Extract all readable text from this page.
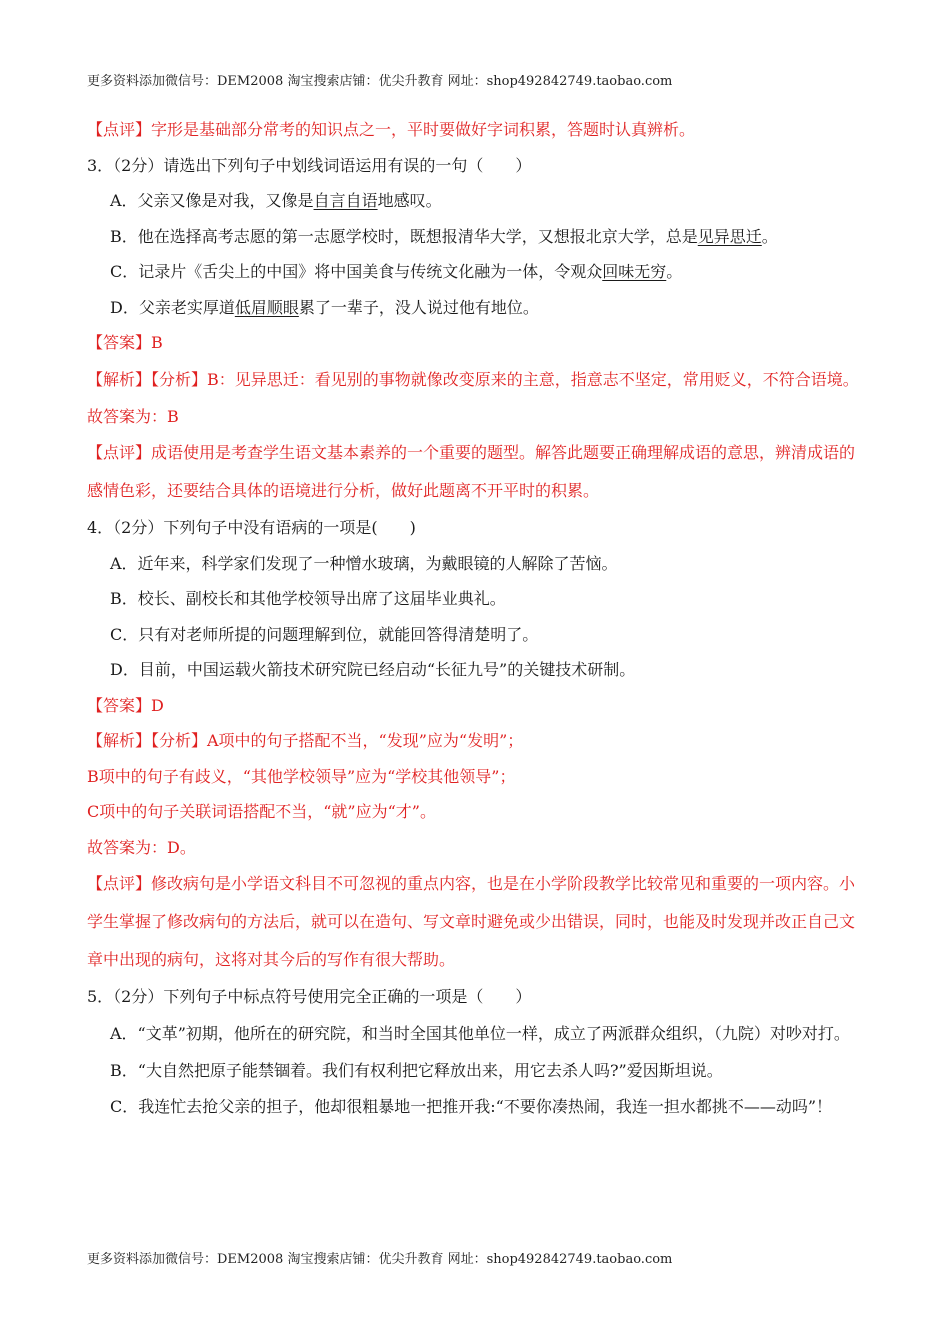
更多资料添加微信号：DEM2008 淘宝搜索店铺：优尖升教育 网址：shop492842749.taobao.com
【点评】字形是基础部分常考的知识点之一，平时要做好字词积累，答题时认真辨析。
3．（2分）请选出下列句子中划线词语运用有误的一句（　　）
A．父亲又像是对我，又像是自言自语地感叹。
B．他在选择高考志愿的第一志愿学校时，既想报清华大学，又想报北京大学，总是见异思迁。
C．记录片《舌尖上的中国》将中国美食与传统文化融为一体，令观众回味无穷。
D．父亲老实厚道低眉顺眼累了一辈子，没人说过他有地位。
【答案】B
【解析】【分析】B：见异思迁：看见别的事物就像改变原来的主意，指意志不坚定，常用贬义，不符合语境。
故答案为：B
【点评】成语使用是考查学生语文基本素养的一个重要的题型。解答此题要正确理解成语的意思，辨清成语的感情色彩，还要结合具体的语境进行分析，做好此题离不开平时的积累。
4．（2分）下列句子中没有语病的一项是(　　)
A．近年来，科学家们发现了一种憎水玻璃，为戴眼镜的人解除了苦恼。
B．校长、副校长和其他学校领导出席了这届毕业典礼。
C．只有对老师所提的问题理解到位，就能回答得清楚明了。
D．目前，中国运载火箭技术研究院已经启动“长征九号”的关键技术研制。
【答案】D
【解析】【分析】A项中的句子搭配不当，“发现”应为“发明”；
B项中的句子有歧义，“其他学校领导”应为“学校其他领导”；
C项中的句子关联词语搭配不当，“就”应为“才”。
故答案为：D。
【点评】修改病句是小学语文科目不可忽视的重点内容，也是在小学阶段教学比较常见和重要的一项内容。小学生掌握了修改病句的方法后，就可以在造句、写文章时避免或少出错误，同时，也能及时发现并改正自己文章中出现的病句，这将对其今后的写作有很大帮助。
5．（2分）下列句子中标点符号使用完全正确的一项是（　　）
A．“文革”初期，他所在的研究院，和当时全国其他单位一样，成立了两派群众组织，（九院）对吵对打。
B．“大自然把原子能禁锢着。我们有权利把它释放出来，用它去杀人吗?”爱因斯坦说。
C．我连忙去抢父亲的担子，他却很粗暴地一把推开我:“不要你凑热闹，我连一担水都挑不——动吗”！
更多资料添加微信号：DEM2008 淘宝搜索店铺：优尖升教育 网址：shop492842749.taobao.com
